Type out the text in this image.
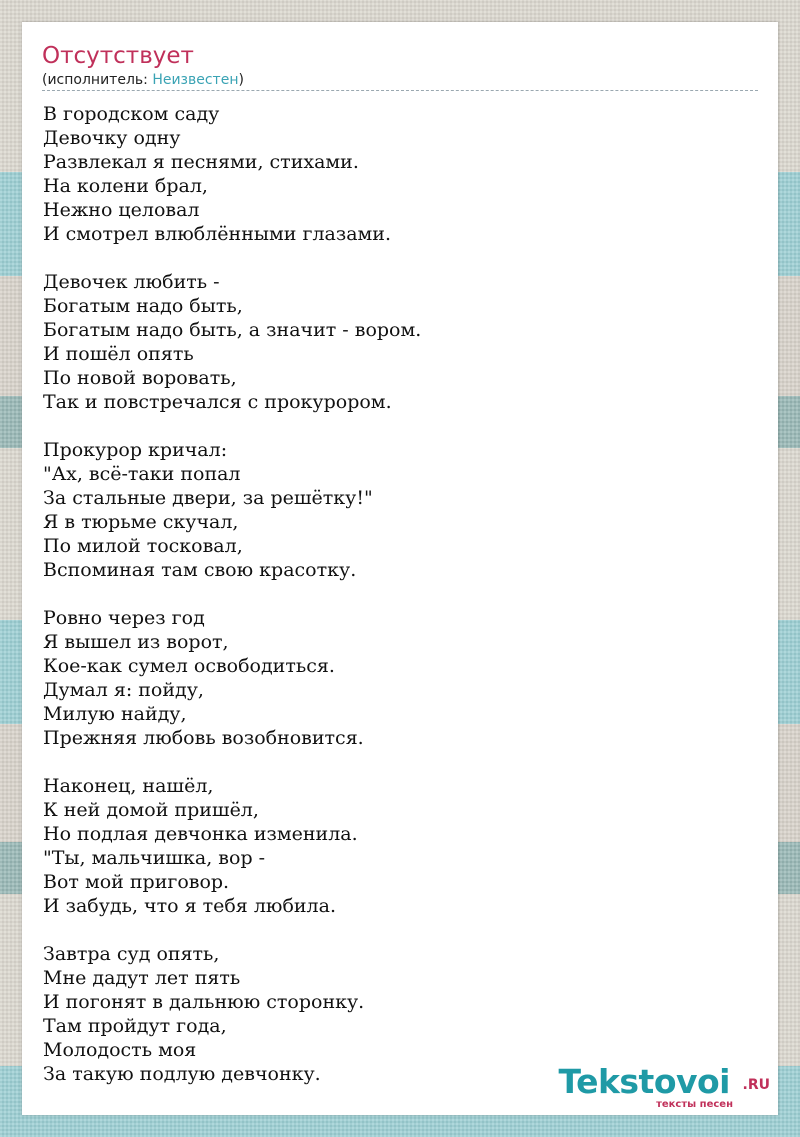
Отсутствует
(исполнитель: Неизвестен)
В городском саду
Девочку одну
Развлекал я песнями, стихами.
На колени брал,
Нежно целовал
И смотрел влюблёнными глазами.
Девочек любить -
Богатым надо быть,
Богатым надо быть, а значит - вором.
И пошёл опять
По новой воровать,
Так и повстречался с прокурором.
Прокурор кричал:
"Ах, всё-таки попал
За стальные двери, за решётку!"
Я в тюрьме скучал,
По милой тосковал,
Вспоминая там свою красотку.
Ровно через год
Я вышел из ворот,
Кое-как сумел освободиться.
Думал я: пойду,
Милую найду,
Прежняя любовь возобновится.
Наконец, нашёл,
К ней домой пришёл,
Но подлая девчонка изменила.
"Ты, мальчишка, вор -
Вот мой приговор.
И забудь, что я тебя любила.
Завтра суд опять,
Мне дадут лет пять
И погонят в дальнюю сторонку.
Там пройдут года,
Молодость моя
За такую подлую девчонку.	Tekstovoi .RU
тексты песен
